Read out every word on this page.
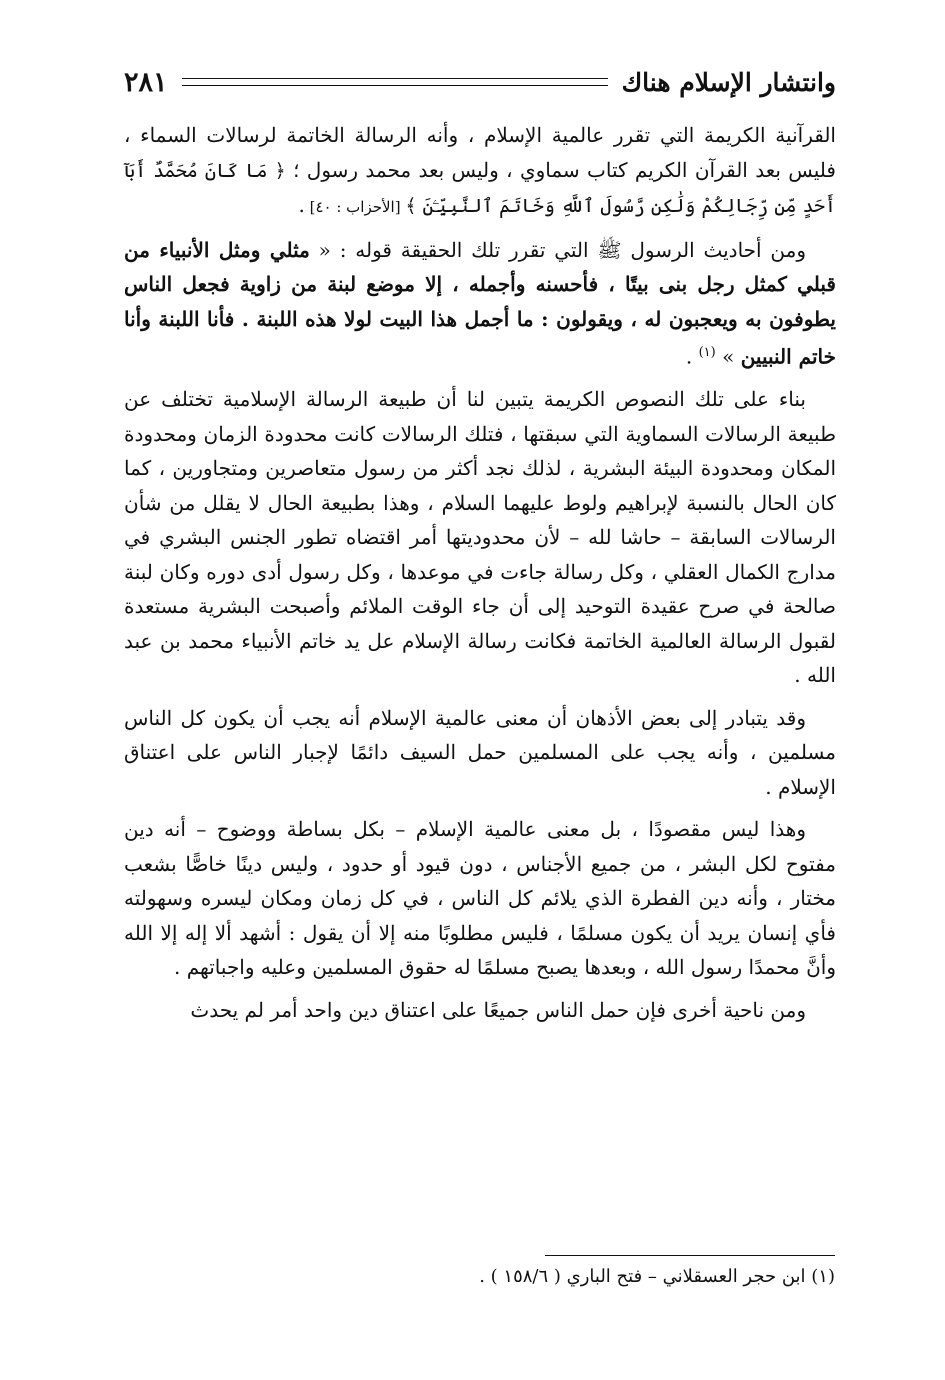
وانتشار الإسلام هناك
٢٨١

القرآنية الكريمة التي تقرر عالمية الإسلام ، وأنه الرسالة الخاتمة لرسالات السماء ، فليس بعد القرآن الكريم كتاب سماوي ، وليس بعد محمد رسول ؛ ﴿ مَا كَانَ مُحَمَّدٌ أَبَآ أَحَدٍ مِّن رِّجَالِكُمْ وَلَٰكِن رَّسُولَ ٱللَّهِ وَخَاتَمَ ٱلنَّبِيِّـۧنَ ﴾ [الأحزاب : ٤٠] .

ومن أحاديث الرسول ﷺ التي تقرر تلك الحقيقة قوله : « مثلي ومثل الأنبياء من قبلي كمثل رجل بنى بيتًا ، فأحسنه وأجمله ، إلا موضع لبنة من زاوية فجعل الناس يطوفون به ويعجبون له ، ويقولون : ما أجمل هذا البيت لولا هذه اللبنة . فأنا اللبنة وأنا خاتم النبيين » $^{(١)}$ .

بناء على تلك النصوص الكريمة يتبين لنا أن طبيعة الرسالة الإسلامية تختلف عن طبيعة الرسالات السماوية التي سبقتها ، فتلك الرسالات كانت محدودة الزمان ومحدودة المكان ومحدودة البيئة البشرية ، لذلك نجد أكثر من رسول متعاصرين ومتجاورين ، كما كان الحال بالنسبة لإبراهيم ولوط عليهما السلام ، وهذا بطبيعة الحال لا يقلل من شأن الرسالات السابقة – حاشا لله – لأن محدوديتها أمر اقتضاه تطور الجنس البشري في مدارج الكمال العقلي ، وكل رسالة جاءت في موعدها ، وكل رسول أدى دوره وكان لبنة صالحة في صرح عقيدة التوحيد إلى أن جاء الوقت الملائم وأصبحت البشرية مستعدة لقبول الرسالة العالمية الخاتمة فكانت رسالة الإسلام عل يد خاتم الأنبياء محمد بن عبد الله .

وقد يتبادر إلى بعض الأذهان أن معنى عالمية الإسلام أنه يجب أن يكون كل الناس مسلمين ، وأنه يجب على المسلمين حمل السيف دائمًا لإجبار الناس على اعتناق الإسلام .

وهذا ليس مقصودًا ، بل معنى عالمية الإسلام – بكل بساطة ووضوح – أنه دين مفتوح لكل البشر ، من جميع الأجناس ، دون قيود أو حدود ، وليس دينًا خاصًّا بشعب مختار ، وأنه دين الفطرة الذي يلائم كل الناس ، في كل زمان ومكان ليسره وسهولته فأي إنسان يريد أن يكون مسلمًا ، فليس مطلوبًا منه إلا أن يقول : أشهد ألا إله إلا الله وأنَّ محمدًا رسول الله ، وبعدها يصبح مسلمًا له حقوق المسلمين وعليه واجباتهم .

ومن ناحية أخرى فإن حمل الناس جميعًا على اعتناق دين واحد أمر لم يحدث

(١) ابن حجر العسقلاني – فتح الباري ( ١٥٨/٦ ) .
